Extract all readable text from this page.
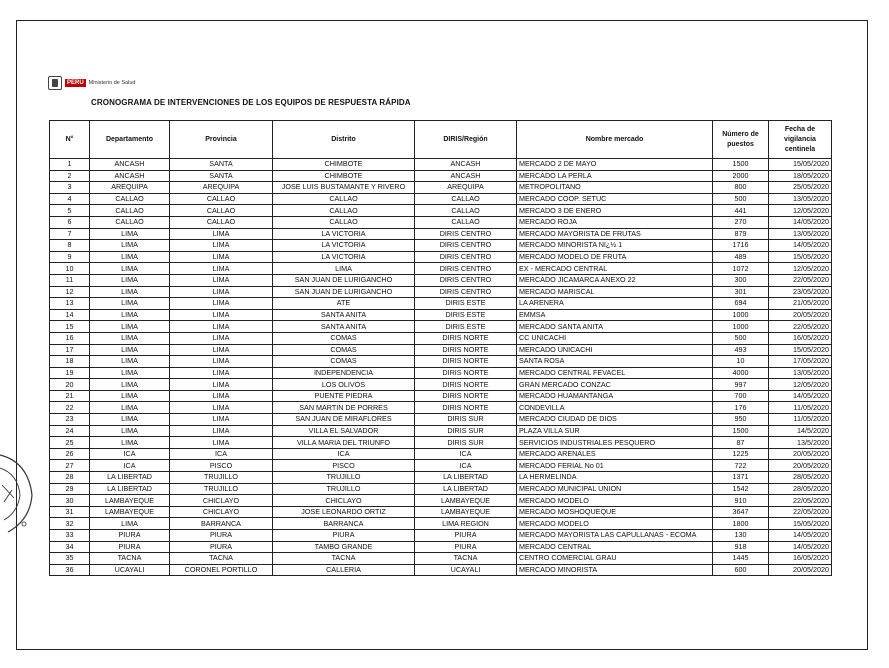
PERÚ Ministerio de Salud
CRONOGRAMA DE INTERVENCIONES DE LOS EQUIPOS DE RESPUESTA RÁPIDA
N°	Departamento	Provincia	Distrito	DIRIS/Región	Nombre mercado	Número de puestos	Fecha de vigilancia centinela
1	ANCASH	SANTA	CHIMBOTE	ANCASH	MERCADO 2 DE MAYO	1500	15/05/2020
2	ANCASH	SANTA	CHIMBOTE	ANCASH	MERCADO LA PERLA	2000	18/05/2020
3	AREQUIPA	AREQUIPA	JOSE LUIS BUSTAMANTE Y RIVERO	AREQUIPA	METROPOLITANO	800	25/05/2020
4	CALLAO	CALLAO	CALLAO	CALLAO	MERCADO COOP. SETUC	500	13/05/2020
5	CALLAO	CALLAO	CALLAO	CALLAO	MERCADO 3 DE ENERO	441	12/05/2020
6	CALLAO	CALLAO	CALLAO	CALLAO	MERCADO ROJA	270	14/05/2020
7	LIMA	LIMA	LA VICTORIA	DIRIS CENTRO	MERCADO MAYORISTA DE FRUTAS	879	13/05/2020
8	LIMA	LIMA	LA VICTORIA	DIRIS CENTRO	MERCADO MINORISTA Nï¿½ 1	1716	14/05/2020
9	LIMA	LIMA	LA VICTORIA	DIRIS CENTRO	MERCADO MODELO DE FRUTA	489	15/05/2020
10	LIMA	LIMA	LIMA	DIRIS CENTRO	EX - MERCADO CENTRAL	1072	12/05/2020
11	LIMA	LIMA	SAN JUAN DE LURIGANCHO	DIRIS CENTRO	MERCADO JICAMARCA ANEXO 22	300	22/05/2020
12	LIMA	LIMA	SAN JUAN DE LURIGANCHO	DIRIS CENTRO	MERCADO MARISCAL	301	23/05/2020
13	LIMA	LIMA	ATE	DIRIS ESTE	LA ARENERA	694	21/05/2020
14	LIMA	LIMA	SANTA ANITA	DIRIS ESTE	EMMSA	1000	20/05/2020
15	LIMA	LIMA	SANTA ANITA	DIRIS ESTE	MERCADO SANTA ANITA	1000	22/05/2020
16	LIMA	LIMA	COMAS	DIRIS NORTE	CC UNICACHI	500	16/05/2020
17	LIMA	LIMA	COMAS	DIRIS NORTE	MERCADO UNICACHI	493	15/05/2020
18	LIMA	LIMA	COMAS	DIRIS NORTE	SANTA ROSA	10	17/05/2020
19	LIMA	LIMA	INDEPENDENCIA	DIRIS NORTE	MERCADO CENTRAL FEVACEL	4000	13/05/2020
20	LIMA	LIMA	LOS OLIVOS	DIRIS NORTE	GRAN MERCADO CONZAC	997	12/05/2020
21	LIMA	LIMA	PUENTE PIEDRA	DIRIS NORTE	MERCADO HUAMANTANGA	700	14/05/2020
22	LIMA	LIMA	SAN MARTIN DE PORRES	DIRIS NORTE	CONDEVILLA	176	11/05/2020
23	LIMA	LIMA	SAN JUAN DE MIRAFLORES	DIRIS SUR	MERCADO CIUDAD DE DIOS	950	11/05/2020
24	LIMA	LIMA	VILLA EL SALVADOR	DIRIS SUR	PLAZA VILLA SUR	1500	14/5/2020
25	LIMA	LIMA	VILLA MARIA DEL TRIUNFO	DIRIS SUR	SERVICIOS INDUSTRIALES PESQUERO	87	13/5/2020
26	ICA	ICA	ICA	ICA	MERCADO ARENALES	1225	20/05/2020
27	ICA	PISCO	PISCO	ICA	MERCADO FERIAL No 01	722	20/05/2020
28	LA LIBERTAD	TRUJILLO	TRUJILLO	LA LIBERTAD	LA HERMELINDA	1371	28/05/2020
29	LA LIBERTAD	TRUJILLO	TRUJILLO	LA LIBERTAD	MERCADO MUNICIPAL UNION	1542	28/05/2020
30	LAMBAYEQUE	CHICLAYO	CHICLAYO	LAMBAYEQUE	MERCADO MODELO	910	22/05/2020
31	LAMBAYEQUE	CHICLAYO	JOSE LEONARDO ORTIZ	LAMBAYEQUE	MERCADO MOSHOQUEQUE	3647	22/05/2020
32	LIMA	BARRANCA	BARRANCA	LIMA REGION	MERCADO MODELO	1800	15/05/2020
33	PIURA	PIURA	PIURA	PIURA	MERCADO MAYORISTA LAS CAPULLANAS - ECOMA	130	14/05/2020
34	PIURA	PIURA	TAMBO GRANDE	PIURA	MERCADO CENTRAL	918	14/05/2020
35	TACNA	TACNA	TACNA	TACNA	CENTRO COMERCIAL GRAU	1445	16/05/2020
36	UCAYALI	CORONEL PORTILLO	CALLERIA	UCAYALI	MERCADO MINORISTA	600	20/05/2020
